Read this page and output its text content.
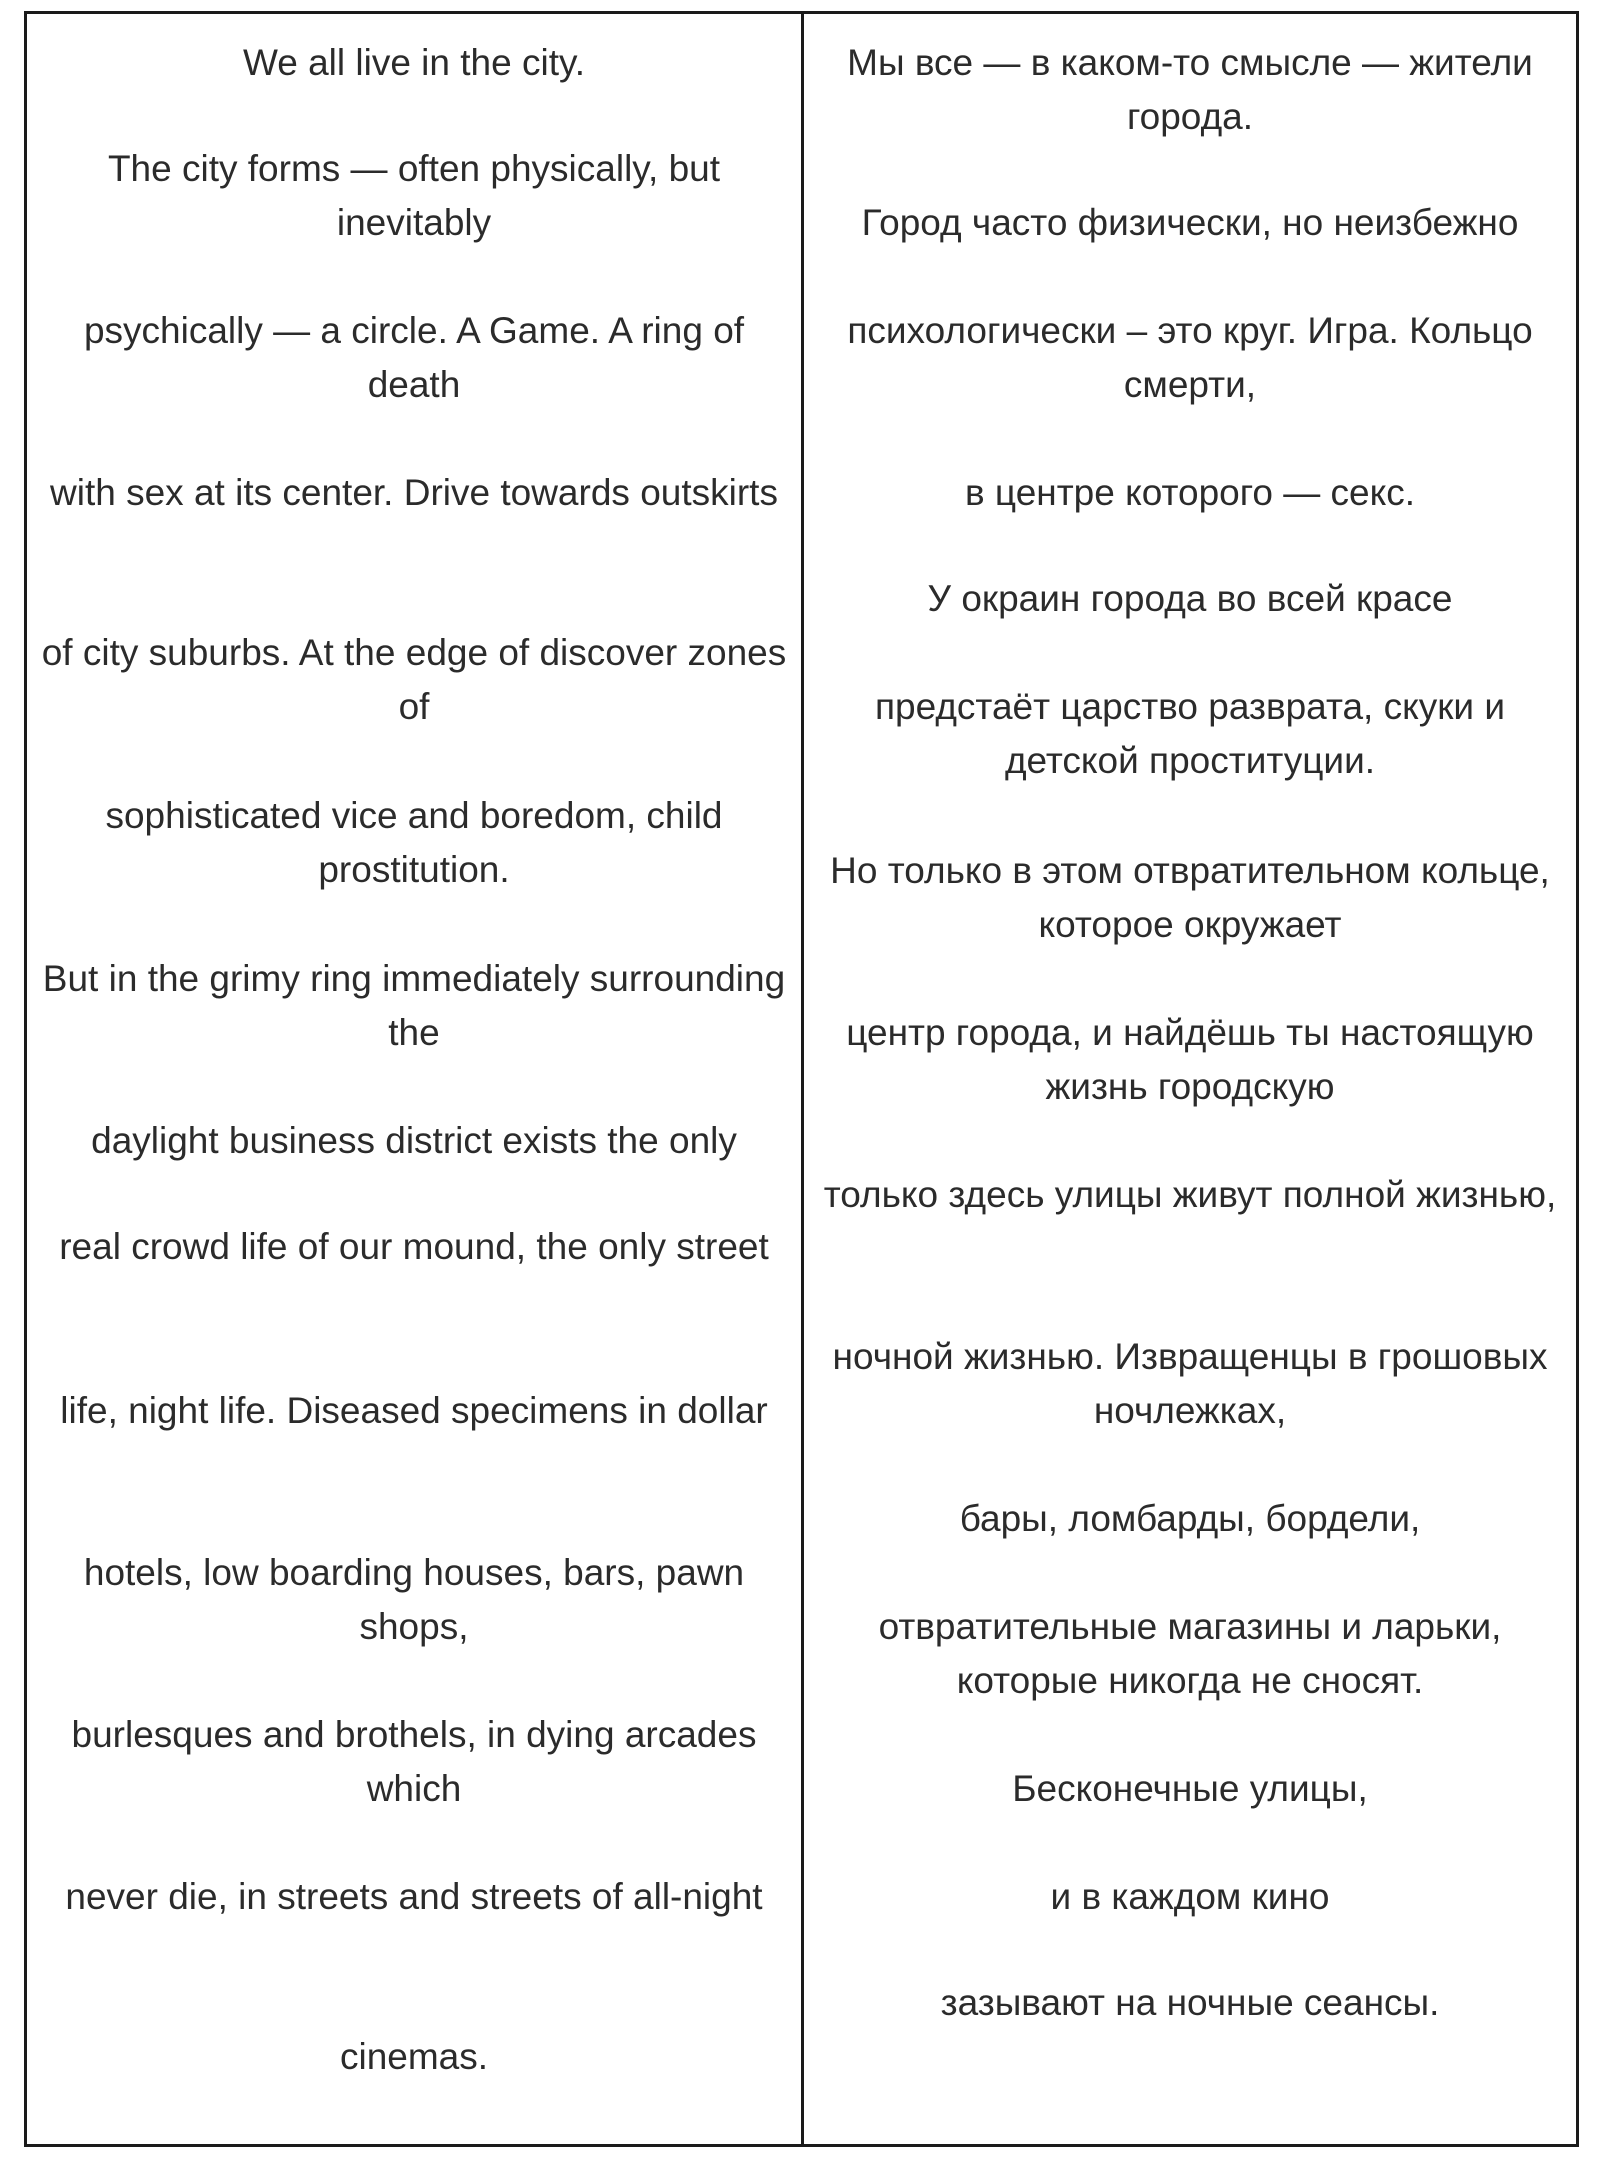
We all live in the city.
The city forms — often physically, but inevitably
psychically — a circle. A Game. A ring of death
with sex at its center. Drive towards outskirts
of city suburbs. At the edge of discover zones of
sophisticated vice and boredom, child prostitution.
But in the grimy ring immediately surrounding the
daylight business district exists the only
real crowd life of our mound, the only street
life, night life. Diseased specimens in dollar
hotels, low boarding houses, bars, pawn shops,
burlesques and brothels, in dying arcades which
never die, in streets and streets of all-night
cinemas.
Мы все — в каком-то смысле — жители города.
Город часто физически, но неизбежно
психологически – это круг. Игра. Кольцо смерти,
в центре которого — секс.
У окраин города во всей красе
предстаёт царство разврата, скуки и детской проституции.
Но только в этом отвратительном кольце, которое окружает
центр города, и найдёшь ты настоящую жизнь городскую
только здесь улицы живут полной жизнью,
ночной жизнью. Извращенцы в грошовых ночлежках,
бары, ломбарды, бордели,
отвратительные магазины и ларьки, которые никогда не сносят.
Бесконечные улицы,
и в каждом кино
зазывают на ночные сеансы.
